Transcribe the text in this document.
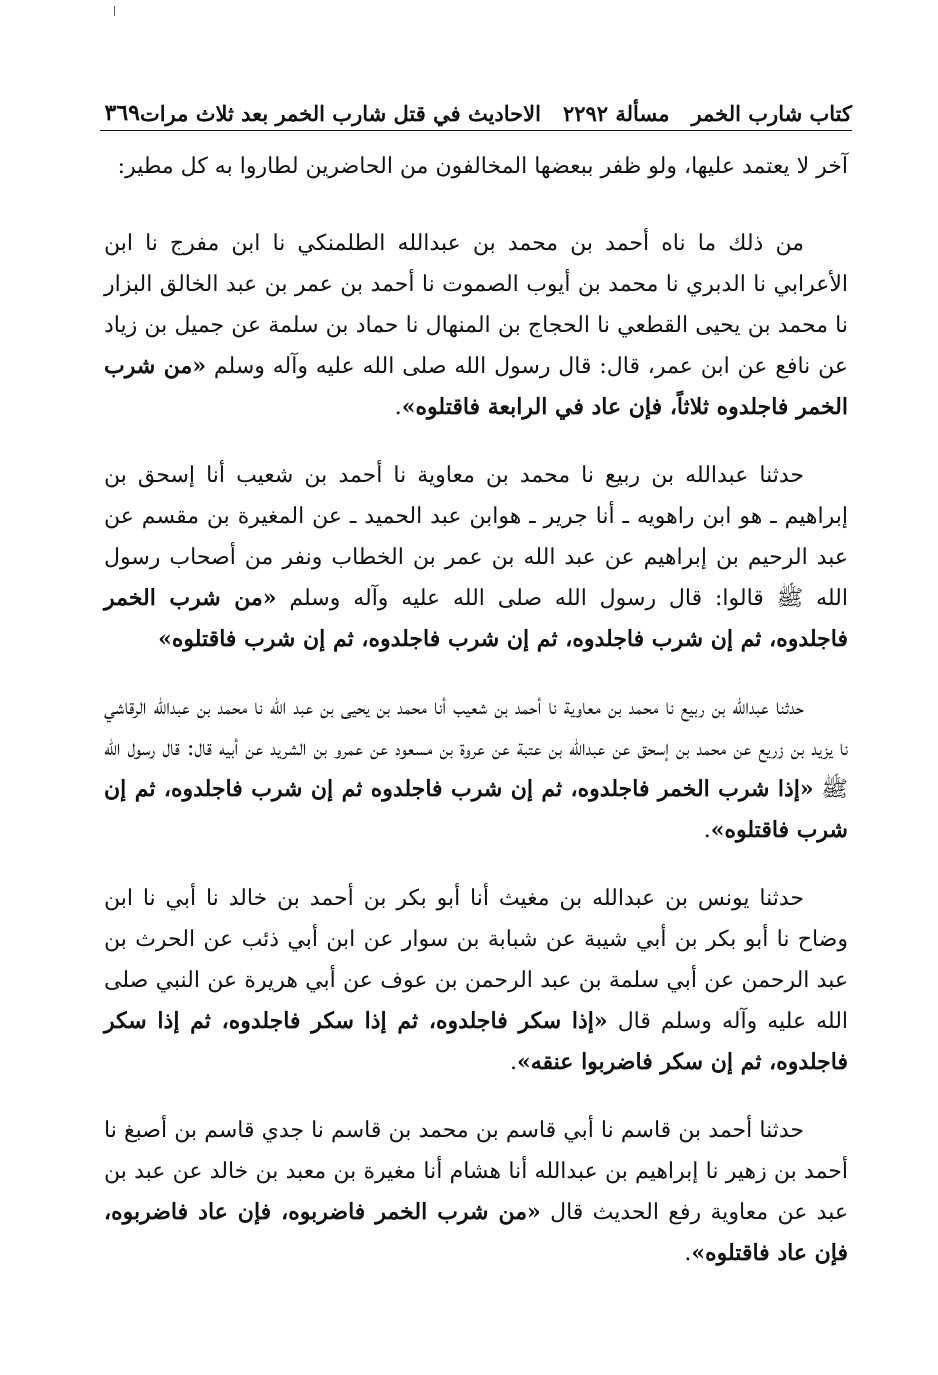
كتاب شارب الخمر
مسألة ٢٢٩٢
الاحاديث في قتل شارب الخمر بعد ثلاث مرات
٣٦٩

آخر لا يعتمد عليها، ولو ظفر ببعضها المخالفون من الحاضرين لطاروا به كل مطير:

من ذلك ما ناه أحمد بن محمد بن عبدالله الطلمنكي نا ابن مفرج نا ابن الأعرابي نا الدبري نا محمد بن أيوب الصموت نا أحمد بن عمر بن عبد الخالق البزار نا محمد بن يحيى القطعي نا الحجاج بن المنهال نا حماد بن سلمة عن جميل بن زياد عن نافع عن ابن عمر، قال: قال رسول الله صلى الله عليه وآله وسلم «من شرب الخمر فاجلدوه ثلاثاً، فإن عاد في الرابعة فاقتلوه».

حدثنا عبدالله بن ربيع نا محمد بن معاوية نا أحمد بن شعيب أنا إسحق بن إبراهيم ـ هو ابن راهويه ـ أنا جرير ـ هوابن عبد الحميد ـ عن المغيرة بن مقسم عن عبد الرحيم بن إبراهيم عن عبد الله بن عمر بن الخطاب ونفر من أصحاب رسول الله ﷺ قالوا: قال رسول الله صلى الله عليه وآله وسلم «من شرب الخمر فاجلدوه، ثم إن شرب فاجلدوه، ثم إن شرب فاجلدوه، ثم إن شرب فاقتلوه»

حدثنا عبدالله بن ربيع نا محمد بن معاوية نا أحمد بن شعيب أنا محمد بن يحيى بن عبد الله نا محمد بن عبدالله الرقاشي نا يزيد بن زريع عن محمد بن إسحق عن عبدالله بن عتبة عن عروة بن مسعود عن عمرو بن الشريد عن أبيه قال: قال رسول الله ﷺ «إذا شرب الخمر فاجلدوه، ثم إن شرب فاجلدوه ثم إن شرب فاجلدوه، ثم إن شرب فاقتلوه».

حدثنا يونس بن عبدالله بن مغيث أنا أبو بكر بن أحمد بن خالد نا أبي نا ابن وضاح نا أبو بكر بن أبي شيبة عن شبابة بن سوار عن ابن أبي ذئب عن الحرث بن عبد الرحمن عن أبي سلمة بن عبد الرحمن بن عوف عن أبي هريرة عن النبي صلى الله عليه وآله وسلم قال «إذا سكر فاجلدوه، ثم إذا سكر فاجلدوه، ثم إذا سكر فاجلدوه، ثم إن سكر فاضربوا عنقه».

حدثنا أحمد بن قاسم نا أبي قاسم بن محمد بن قاسم نا جدي قاسم بن أصبغ نا أحمد بن زهير نا إبراهيم بن عبدالله أنا هشام أنا مغيرة بن معبد بن خالد عن عبد بن عبد عن معاوية رفع الحديث قال «من شرب الخمر فاضربوه، فإن عاد فاضربوه، فإن عاد فاقتلوه».
